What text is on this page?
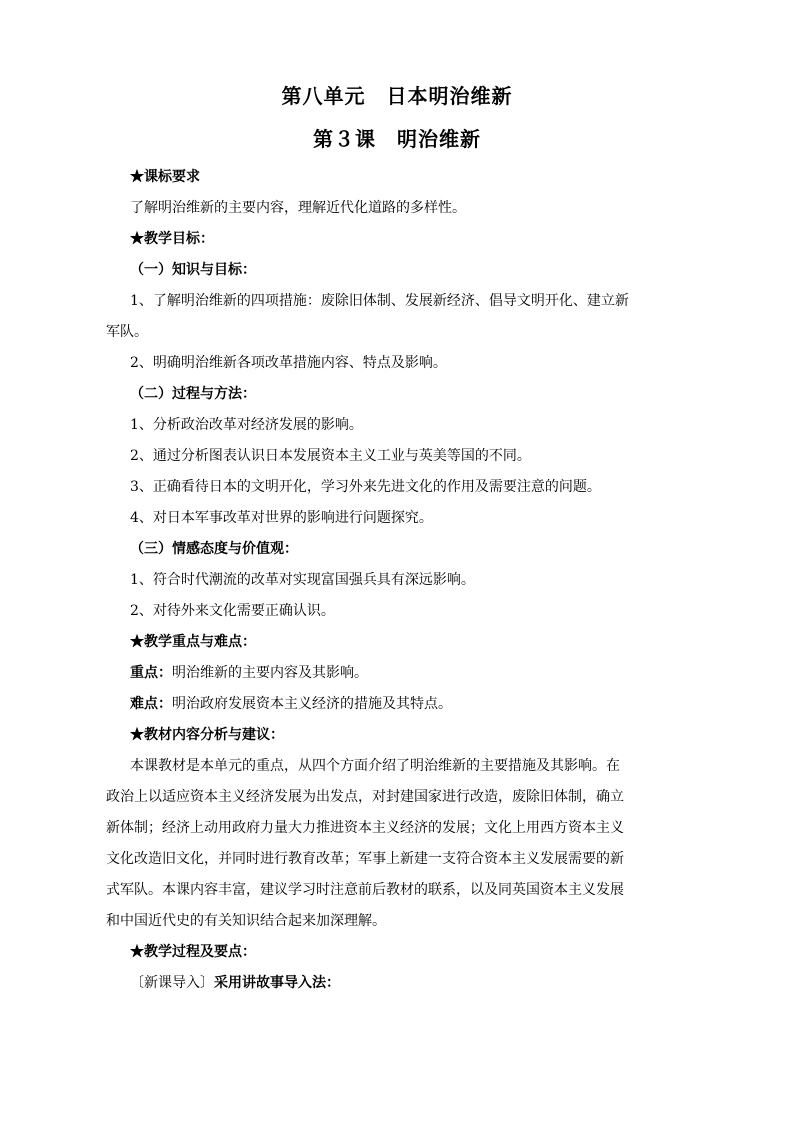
第八单元　日本明治维新
第３课　明治维新
★课标要求
了解明治维新的主要内容，理解近代化道路的多样性。
★教学目标：
（一）知识与目标：
1、了解明治维新的四项措施：废除旧体制、发展新经济、倡导文明开化、建立新
军队。
2、明确明治维新各项改革措施内容、特点及影响。
（二）过程与方法：
1、分析政治改革对经济发展的影响。
2、通过分析图表认识日本发展资本主义工业与英美等国的不同。
3、正确看待日本的文明开化，学习外来先进文化的作用及需要注意的问题。
4、对日本军事改革对世界的影响进行问题探究。
（三）情感态度与价值观：
1、符合时代潮流的改革对实现富国强兵具有深远影响。
2、对待外来文化需要正确认识。
★教学重点与难点：
重点：明治维新的主要内容及其影响。
难点：明治政府发展资本主义经济的措施及其特点。
★教材内容分析与建议：
本课教材是本单元的重点，从四个方面介绍了明治维新的主要措施及其影响。在
政治上以适应资本主义经济发展为出发点，对封建国家进行改造，废除旧体制，确立
新体制；经济上动用政府力量大力推进资本主义经济的发展；文化上用西方资本主义
文化改造旧文化，并同时进行教育改革；军事上新建一支符合资本主义发展需要的新
式军队。本课内容丰富，建议学习时注意前后教材的联系，以及同英国资本主义发展
和中国近代史的有关知识结合起来加深理解。
★教学过程及要点：
〔新课导入〕采用讲故事导入法：
